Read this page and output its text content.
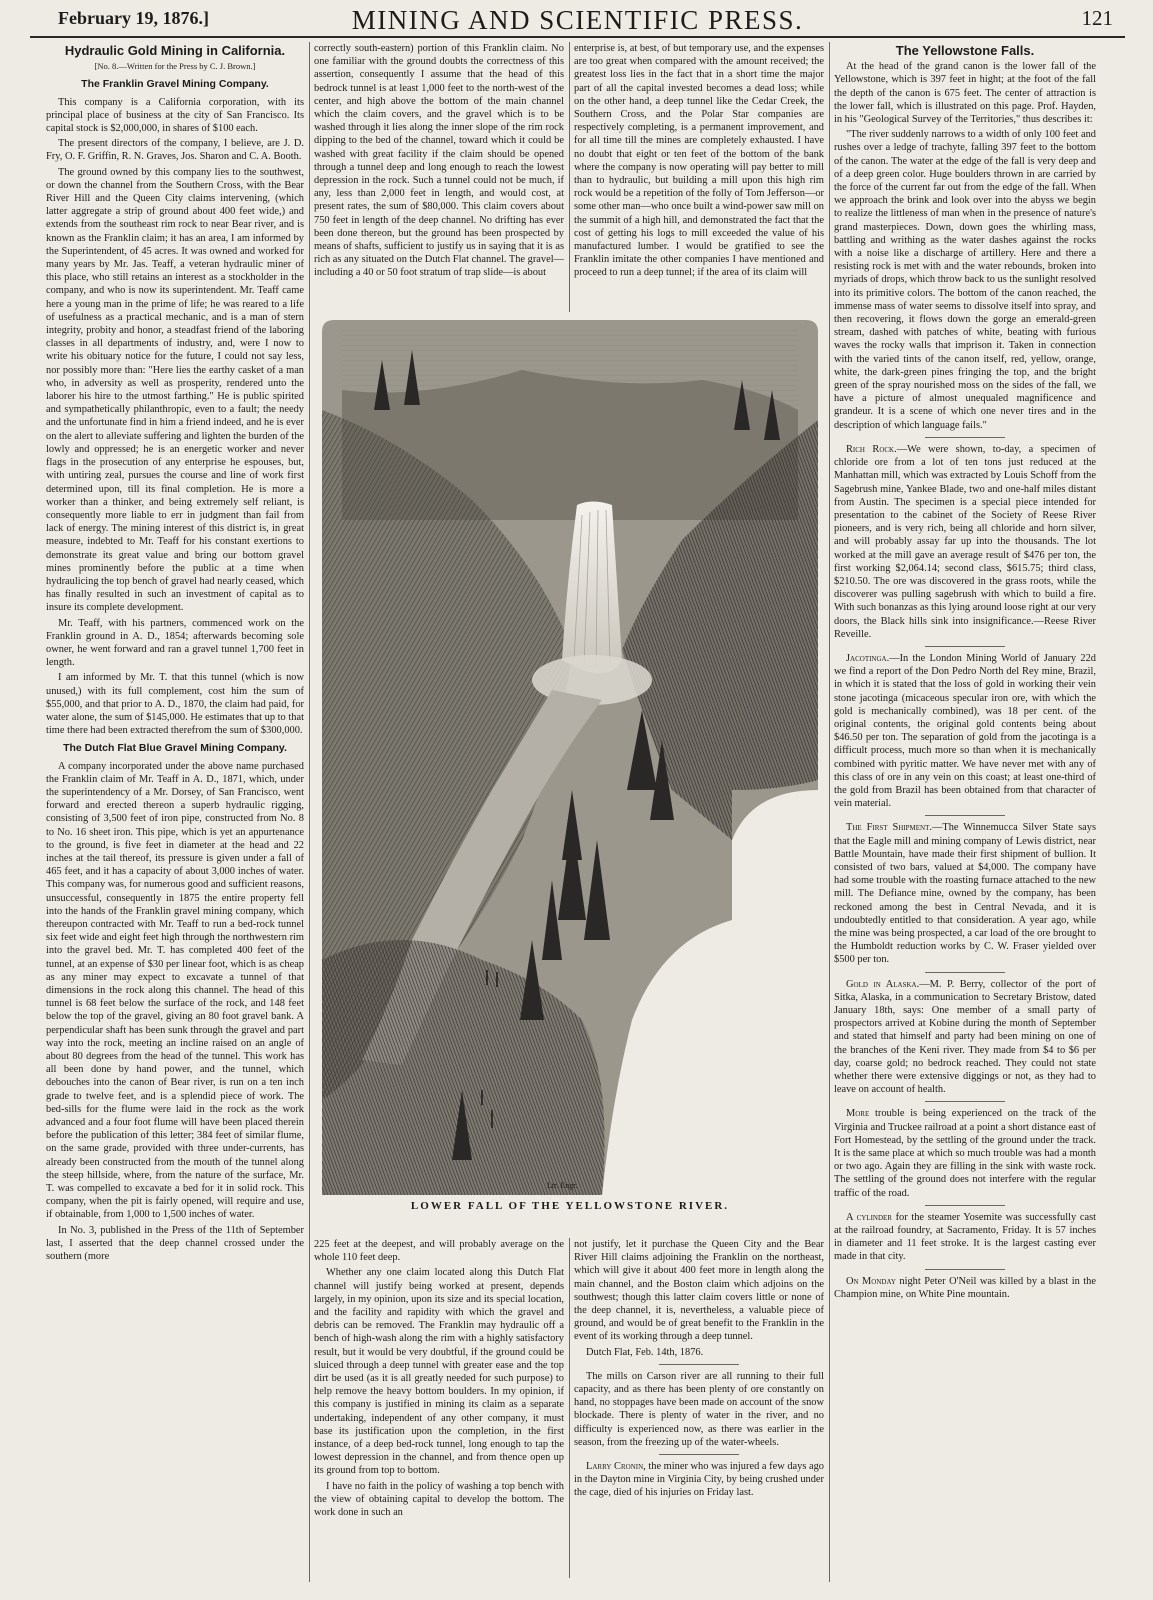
February 19, 1876.]	MINING AND SCIENTIFIC PRESS.	121
Hydraulic Gold Mining in California.
[No. 8.—Written for the Press by C. J. Brown.]
The Franklin Gravel Mining Company.

This company is a California corporation, with its principal place of business at the city of San Francisco. Its capital stock is $2,000,000, in shares of $100 each.

The present directors of the company, I believe, are J. D. Fry, O. F. Griffin, R. N. Graves, Jos. Sharon and C. A. Booth.

The ground owned by this company lies to the southwest, or down the channel from the Southern Cross, with the Bear River Hill and the Queen City claims intervening, (which latter aggregate a strip of ground about 400 feet wide,) and extends from the southeast rim rock to near Bear river, and is known as the Franklin claim; it has an area, I am informed by the Superintendent, of 45 acres. It was owned and worked for many years by Mr. Jas. Teaff, a veteran hydraulic miner of this place, who still retains an interest as a stockholder in the company, and who is now its superintendent. Mr. Teaff came here a young man in the prime of life; he was reared to a life of usefulness as a practical mechanic, and is a man of stern integrity, probity and honor, a steadfast friend of the laboring classes in all departments of industry, and, were I now to write his obituary notice for the future, I could not say less, nor possibly more than: "Here lies the earthy casket of a man who, in adversity as well as prosperity, rendered unto the laborer his hire to the utmost farthing." He is public spirited and sympathetically philanthropic, even to a fault; the needy and the unfortunate find in him a friend indeed, and he is ever on the alert to alleviate suffering and lighten the burden of the lowly and oppressed; he is an energetic worker and never flags in the prosecution of any enterprise he espouses, but, with untiring zeal, pursues the course and line of work first determined upon, till its final completion. He is more a worker than a thinker, and being extremely self reliant, is consequently more liable to err in judgment than fail from lack of energy. The mining interest of this district is, in great measure, indebted to Mr. Teaff for his constant exertions to demonstrate its great value and bring our bottom gravel mines prominently before the public at a time when hydraulicing the top bench of gravel had nearly ceased, which has finally resulted in such an investment of capital as to insure its complete development.

Mr. Teaff, with his partners, commenced work on the Franklin ground in A. D., 1854; afterwards becoming sole owner, he went forward and ran a gravel tunnel 1,700 feet in length.

I am informed by Mr. T. that this tunnel (which is now unused,) with its full complement, cost him the sum of $55,000, and that prior to A. D., 1870, the claim had paid, for water alone, the sum of $145,000. He estimates that up to that time there had been extracted therefrom the sum of $300,000.

The Dutch Flat Blue Gravel Mining Company.

A company incorporated under the above name purchased the Franklin claim of Mr. Teaff in A. D., 1871, which, under the superintendency of a Mr. Dorsey, of San Francisco, went forward and erected thereon a superb hydraulic rigging, consisting of 3,500 feet of iron pipe, constructed from No. 8 to No. 16 sheet iron. This pipe, which is yet an appurtenance to the ground, is five feet in diameter at the head and 22 inches at the tail thereof, its pressure is given under a fall of 465 feet, and it has a capacity of about 3,000 inches of water. This company was, for numerous good and sufficient reasons, unsuccessful, consequently in 1875 the entire property fell into the hands of the Franklin gravel mining company, which thereupon contracted with Mr. Teaff to run a bed-rock tunnel six feet wide and eight feet high through the northwestern rim into the gravel bed. Mr. T. has completed 400 feet of the tunnel, at an expense of $30 per linear foot, which is as cheap as any miner may expect to excavate a tunnel of that dimensions in the rock along this channel. The head of this tunnel is 68 feet below the surface of the rock, and 148 feet below the top of the gravel, giving an 80 foot gravel bank. A perpendicular shaft has been sunk through the gravel and part way into the rock, meeting an incline raised on an angle of about 80 degrees from the head of the tunnel. This work has all been done by hand power, and the tunnel, which debouches into the canon of Bear river, is run on a ten inch grade to twelve feet, and is a splendid piece of work. The bed-sills for the flume were laid in the rock as the work advanced and a four foot flume will have been placed therein before the publication of this letter; 384 feet of similar flume, on the same grade, provided with three under-currents, has already been constructed from the mouth of the tunnel along the steep hillside, where, from the nature of the surface, Mr. T. was compelled to excavate a bed for it in solid rock. This company, when the pit is fairly opened, will require and use, if obtainable, from 1,000 to 1,500 inches of water.

In No. 3, published in the Press of the 11th of September last, I asserted that the deep channel crossed under the southern (more

correctly south-eastern) portion of this Franklin claim. No one familiar with the ground doubts the correctness of this assertion, consequently I assume that the head of this bedrock tunnel is at least 1,000 feet to the north-west of the center, and high above the bottom of the main channel which the claim covers, and the gravel which is to be washed through it lies along the inner slope of the rim rock dipping to the bed of the channel, toward which it could be washed with great facility if the claim should be opened through a tunnel deep and long enough to reach the lowest depression in the rock. Such a tunnel could not be much, if any, less than 2,000 feet in length, and would cost, at present rates, the sum of $80,000. This claim covers about 750 feet in length of the deep channel. No drifting has ever been done thereon, but the ground has been prospected by means of shafts, sufficient to justify us in saying that it is as rich as any situated on the Dutch Flat channel. The gravel—including a 40 or 50 foot stratum of trap slide—is about

enterprise is, at best, of but temporary use, and the expenses are too great when compared with the amount received; the greatest loss lies in the fact that in a short time the major part of all the capital invested becomes a dead loss; while on the other hand, a deep tunnel like the Cedar Creek, the Southern Cross, and the Polar Star companies are respectively completing, is a permanent improvement, and for all time till the mines are completely exhausted. I have no doubt that eight or ten feet of the bottom of the bank where the company is now operating will pay better to mill than to hydraulic, but building a mill upon this high rim rock would be a repetition of the folly of Tom Jefferson—or some other man—who once built a wind-power saw mill on the summit of a high hill, and demonstrated the fact that the cost of getting his logs to mill exceeded the value of his manufactured lumber. I would be gratified to see the Franklin imitate the other companies I have mentioned and proceed to run a deep tunnel; if the area of its claim will

Ltr. Engr.
LOWER FALL OF THE YELLOWSTONE RIVER.

225 feet at the deepest, and will probably average on the whole 110 feet deep.

Whether any one claim located along this Dutch Flat channel will justify being worked at present, depends largely, in my opinion, upon its size and its special location, and the facility and rapidity with which the gravel and debris can be removed. The Franklin may hydraulic off a bench of high-wash along the rim with a highly satisfactory result, but it would be very doubtful, if the ground could be sluiced through a deep tunnel with greater ease and the top dirt be used (as it is all greatly needed for such purpose) to help remove the heavy bottom boulders. In my opinion, if this company is justified in mining its claim as a separate undertaking, independent of any other company, it must base its justification upon the completion, in the first instance, of a deep bed-rock tunnel, long enough to tap the lowest depression in the channel, and from thence open up its ground from top to bottom.

I have no faith in the policy of washing a top bench with the view of obtaining capital to develop the bottom. The work done in such an

not justify, let it purchase the Queen City and the Bear River Hill claims adjoining the Franklin on the northeast, which will give it about 400 feet more in length along the main channel, and the Boston claim which adjoins on the southwest; though this latter claim covers little or none of the deep channel, it is, nevertheless, a valuable piece of ground, and would be of great benefit to the Franklin in the event of its working through a deep tunnel.

Dutch Flat, Feb. 14th, 1876.

The mills on Carson river are all running to their full capacity, and as there has been plenty of ore constantly on hand, no stoppages have been made on account of the snow blockade. There is plenty of water in the river, and no difficulty is experienced now, as there was earlier in the season, from the freezing up of the water-wheels.

Larry Cronin, the miner who was injured a few days ago in the Dayton mine in Virginia City, by being crushed under the cage, died of his injuries on Friday last.

The Yellowstone Falls.

At the head of the grand canon is the lower fall of the Yellowstone, which is 397 feet in hight; at the foot of the fall the depth of the canon is 675 feet. The center of attraction is the lower fall, which is illustrated on this page. Prof. Hayden, in his "Geological Survey of the Territories," thus describes it:

"The river suddenly narrows to a width of only 100 feet and rushes over a ledge of trachyte, falling 397 feet to the bottom of the canon. The water at the edge of the fall is very deep and of a deep green color. Huge boulders thrown in are carried by the force of the current far out from the edge of the fall. When we approach the brink and look over into the abyss we begin to realize the littleness of man when in the presence of nature's grand masterpieces. Down, down goes the whirling mass, battling and writhing as the water dashes against the rocks with a noise like a discharge of artillery. Here and there a resisting rock is met with and the water rebounds, broken into myriads of drops, which throw back to us the sunlight resolved into its primitive colors. The bottom of the canon reached, the immense mass of water seems to dissolve itself into spray, and then recovering, it flows down the gorge an emerald-green stream, dashed with patches of white, beating with furious waves the rocky walls that imprison it. Taken in connection with the varied tints of the canon itself, red, yellow, orange, white, the dark-green pines fringing the top, and the bright green of the spray nourished moss on the sides of the fall, we have a picture of almost unequaled magnificence and grandeur. It is a scene of which one never tires and in the description of which language fails."

Rich Rock.—We were shown, to-day, a specimen of chloride ore from a lot of ten tons just reduced at the Manhattan mill, which was extracted by Louis Schoff from the Sagebrush mine, Yankee Blade, two and one-half miles distant from Austin. The specimen is a special piece intended for presentation to the cabinet of the Society of Reese River pioneers, and is very rich, being all chloride and horn silver, and will probably assay far up into the thousands. The lot worked at the mill gave an average result of $476 per ton, the first working $2,064.14; second class, $615.75; third class, $210.50. The ore was discovered in the grass roots, while the discoverer was pulling sagebrush with which to build a fire. With such bonanzas as this lying around loose right at our very doors, the Black hills sink into insignificance.—Reese River Reveille.

Jacotinga.—In the London Mining World of January 22d we find a report of the Don Pedro North del Rey mine, Brazil, in which it is stated that the loss of gold in working their vein stone jacotinga (micaceous specular iron ore, with which the gold is mechanically combined), was 18 per cent. of the original contents, the original gold contents being about $46.50 per ton. The separation of gold from the jacotinga is a difficult process, much more so than when it is mechanically combined with pyritic matter. We have never met with any of this class of ore in any vein on this coast; at least one-third of the gold from Brazil has been obtained from that character of vein material.

The First Shipment.—The Winnemucca Silver State says that the Eagle mill and mining company of Lewis district, near Battle Mountain, have made their first shipment of bullion. It consisted of two bars, valued at $4,000. The company have had some trouble with the roasting furnace attached to the new mill. The Defiance mine, owned by the company, has been reckoned among the best in Central Nevada, and it is undoubtedly entitled to that consideration. A year ago, while the mine was being prospected, a car load of the ore brought to the Humboldt reduction works by C. W. Fraser yielded over $500 per ton.

Gold in Alaska.—M. P. Berry, collector of the port of Sitka, Alaska, in a communication to Secretary Bristow, dated January 18th, says: One member of a small party of prospectors arrived at Kobine during the month of September and stated that himself and party had been mining on one of the branches of the Keni river. They made from $4 to $6 per day, coarse gold; no bedrock reached. They could not state whether there were extensive diggings or not, as they had to leave on account of health.

More trouble is being experienced on the track of the Virginia and Truckee railroad at a point a short distance east of Fort Homestead, by the settling of the ground under the track. It is the same place at which so much trouble was had a month or two ago. Again they are filling in the sink with waste rock. The settling of the ground does not interfere with the regular traffic of the road.

A cylinder for the steamer Yosemite was successfully cast at the railroad foundry, at Sacramento, Friday. It is 57 inches in diameter and 11 feet stroke. It is the largest casting ever made in that city.

On Monday night Peter O'Neil was killed by a blast in the Champion mine, on White Pine mountain.
